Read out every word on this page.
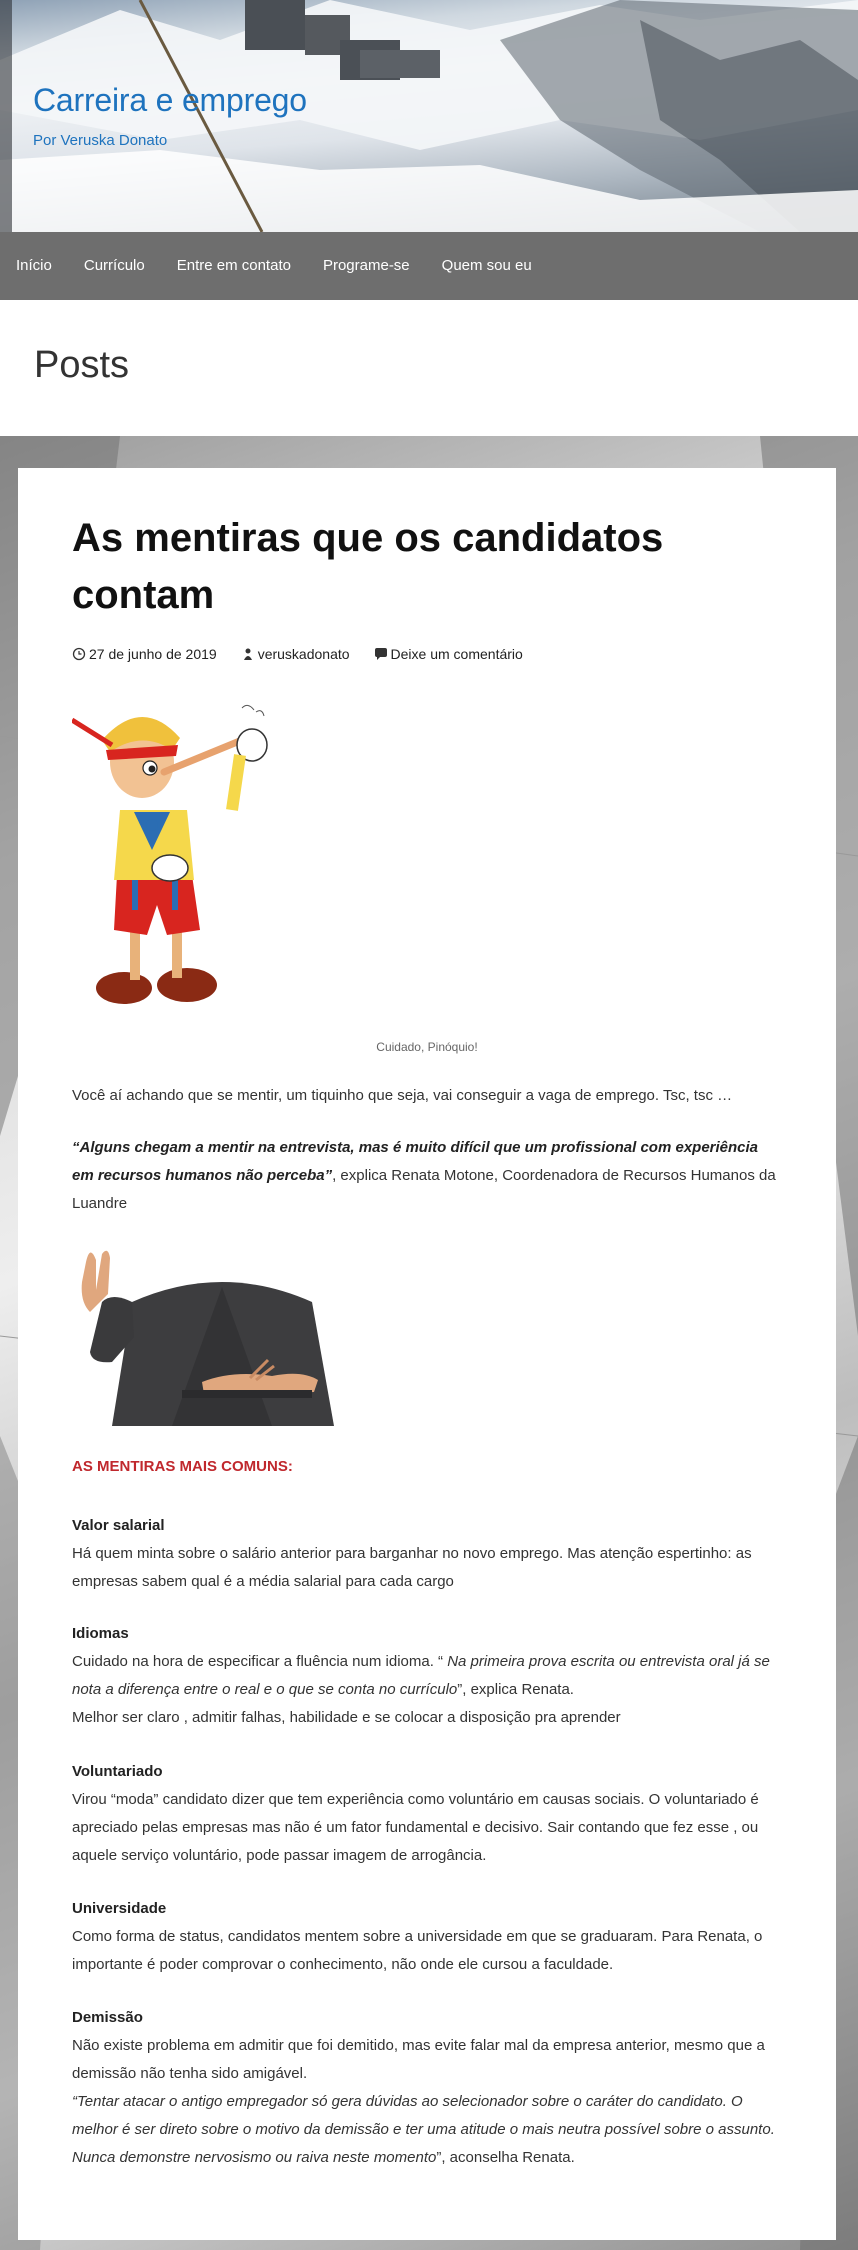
Carreira e emprego
Por Veruska Donato
Início	Currículo	Entre em contato	Programe-se	Quem sou eu
Posts
As mentiras que os candidatos contam
27 de junho de 2019	veruskadonato	Deixe um comentário
Cuidado, Pinóquio!

Você aí achando que se mentir, um tiquinho que seja, vai conseguir a vaga de emprego. Tsc, tsc …

“Alguns chegam a mentir na entrevista, mas é muito difícil que um profissional com experiência em recursos humanos não perceba”, explica Renata Motone, Coordenadora de Recursos Humanos da Luandre

AS MENTIRAS MAIS COMUNS:
Valor salarial
Há quem minta sobre o salário anterior para barganhar no novo emprego. Mas atenção espertinho: as empresas sabem qual é a média salarial para cada cargo
Idiomas
Cuidado na hora de especificar a fluência num idioma. “ Na primeira prova escrita ou entrevista oral já se nota a diferença entre o real e o que se conta no currículo”, explica Renata.
Melhor ser claro , admitir falhas, habilidade e se colocar a disposição pra aprender
Voluntariado
Virou “moda” candidato dizer que tem experiência como voluntário em causas sociais. O voluntariado é apreciado pelas empresas mas não é um fator fundamental e decisivo. Sair contando que fez esse , ou aquele serviço voluntário, pode passar imagem de arrogância.
Universidade
Como forma de status, candidatos mentem sobre a universidade em que se graduaram. Para Renata, o importante é poder comprovar o conhecimento, não onde ele cursou a faculdade.
Demissão
Não existe problema em admitir que foi demitido, mas evite falar mal da empresa anterior, mesmo que a demissão não tenha sido amigável.
“Tentar atacar o antigo empregador só gera dúvidas ao selecionador sobre o caráter do candidato. O melhor é ser direto sobre o motivo da demissão e ter uma atitude o mais neutra possível sobre o assunto. Nunca demonstre nervosismo ou raiva neste momento”, aconselha Renata.
